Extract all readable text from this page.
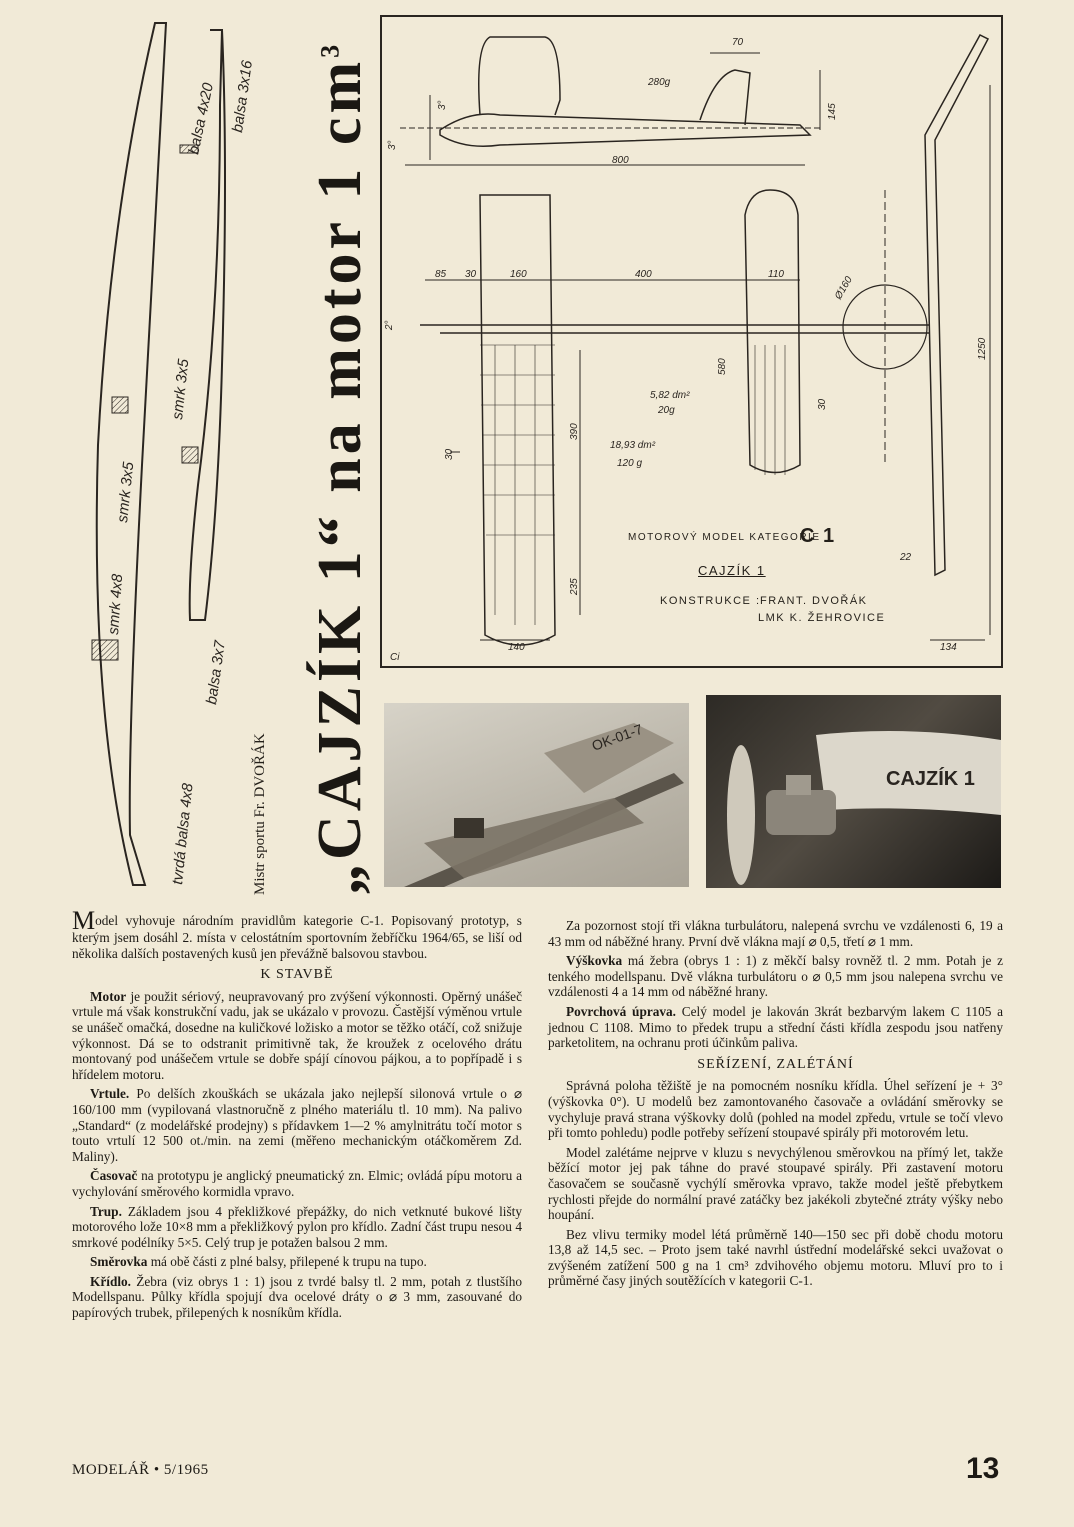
balsa 4x20 balsa 3x16
smrk 3x5
smrk 3x5
smrk 4x8
balsa 3x7
tvrdá balsa 4x8	Mistr sportu Fr. DVOŘÁK „CAJZÍK 1“ na motor 1 $cm^3$	70
280g
145
800
3°
3°
85 30	160	400	110
2°
580
30
5,82 dm²
20g
390
18,93 dm²
120 g
30
235
140
Ø160
1250
22
134
Ci
MOTOROVÝ MODEL KATEGORIE
C 1
CAJZÍK 1
KONSTRUKCE : FRANT. DVOŘÁK
LMK K. ŽEHROVICE
OK-01-7
CAJZÍK 1

Model vyhovuje národním pravidlům kategorie C-1. Popisovaný prototyp, s kterým jsem dosáhl 2. místa v celostátním sportovním žebříčku 1964/65, se liší od několika dalších postavených kusů jen převážně balsovou stavbou.

K STAVBĚ

Motor je použit sériový, neupravovaný pro zvýšení výkonnosti. Opěrný unášeč vrtule má však konstrukční vadu, jak se ukázalo v provozu. Častější výměnou vrtule se unášeč omačká, dosedne na kuličkové ložisko a motor se těžko otáčí, což snižuje výkonnost. Dá se to odstranit primitivně tak, že kroužek z ocelového drátu montovaný pod unášečem vrtule se dobře spájí cínovou pájkou, a to popřípadě i s hřídelem motoru.

Vrtule. Po delších zkouškách se ukázala jako nejlepší silonová vrtule o ⌀ 160/100 mm (vypilovaná vlastnoručně z plného materiálu tl. 10 mm). Na palivo „Standard“ (z modelářské prodejny) s přídavkem 1—2 % amylnitrátu točí motor s touto vrtulí 12 500 ot./min. na zemi (měřeno mechanickým otáčkoměrem Zd. Maliny).

Časovač na prototypu je anglický pneumatický zn. Elmic; ovládá pípu motoru a vychylování směrového kormidla vpravo.

Trup. Základem jsou 4 překližkové přepážky, do nich vetknuté bukové lišty motorového lože 10×8 mm a překližkový pylon pro křídlo. Zadní část trupu nesou 4 smrkové podélníky 5×5. Celý trup je potažen balsou 2 mm.

Směrovka má obě části z plné balsy, přilepené k trupu na tupo.

Křídlo. Žebra (viz obrys 1 : 1) jsou z tvrdé balsy tl. 2 mm, potah z tlustšího Modellspanu. Půlky křídla spojují dva ocelové dráty o ⌀ 3 mm, zasouvané do papírových trubek, přilepených k nosníkům křídla.

Za pozornost stojí tři vlákna turbulátoru, nalepená svrchu ve vzdálenosti 6, 19 a 43 mm od náběžné hrany. První dvě vlákna mají ⌀ 0,5, třetí ⌀ 1 mm.

Výškovka má žebra (obrys 1 : 1) z měkčí balsy rovněž tl. 2 mm. Potah je z tenkého modellspanu. Dvě vlákna turbulátoru o ⌀ 0,5 mm jsou nalepena svrchu ve vzdálenosti 4 a 14 mm od náběžné hrany.

Povrchová úprava. Celý model je lakován 3krát bezbarvým lakem C 1105 a jednou C 1108. Mimo to předek trupu a střední části křídla zespodu jsou natřeny parketolitem, na ochranu proti účinkům paliva.

SEŘÍZENÍ, ZALÉTÁNÍ

Správná poloha těžiště je na pomocném nosníku křídla. Úhel seřízení je + 3° (výškovka 0°). U modelů bez zamontovaného časovače a ovládání směrovky se vychyluje pravá strana výškovky dolů (pohled na model zpředu, vrtule se točí vlevo při tomto pohledu) podle potřeby seřízení stoupavé spirály při motorovém letu.

Model zalétáme nejprve v kluzu s nevychýlenou směrovkou na přímý let, takže běžící motor jej pak táhne do pravé stoupavé spirály. Při zastavení motoru časovačem se současně vychýlí směrovka vpravo, takže model ještě přebytkem rychlosti přejde do normální pravé zatáčky bez jakékoli zbytečné ztráty výšky nebo houpání.

Bez vlivu termiky model létá průměrně 140—150 sec při době chodu motoru 13,8 až 14,5 sec. – Proto jsem také navrhl ústřední modelářské sekci uvažovat o zvýšeném zatížení 500 g na 1 cm³ zdvihového objemu motoru. Mluví pro to i průměrné časy jiných soutěžících v kategorii C-1.

MODELÁŘ • 5/1965	13
